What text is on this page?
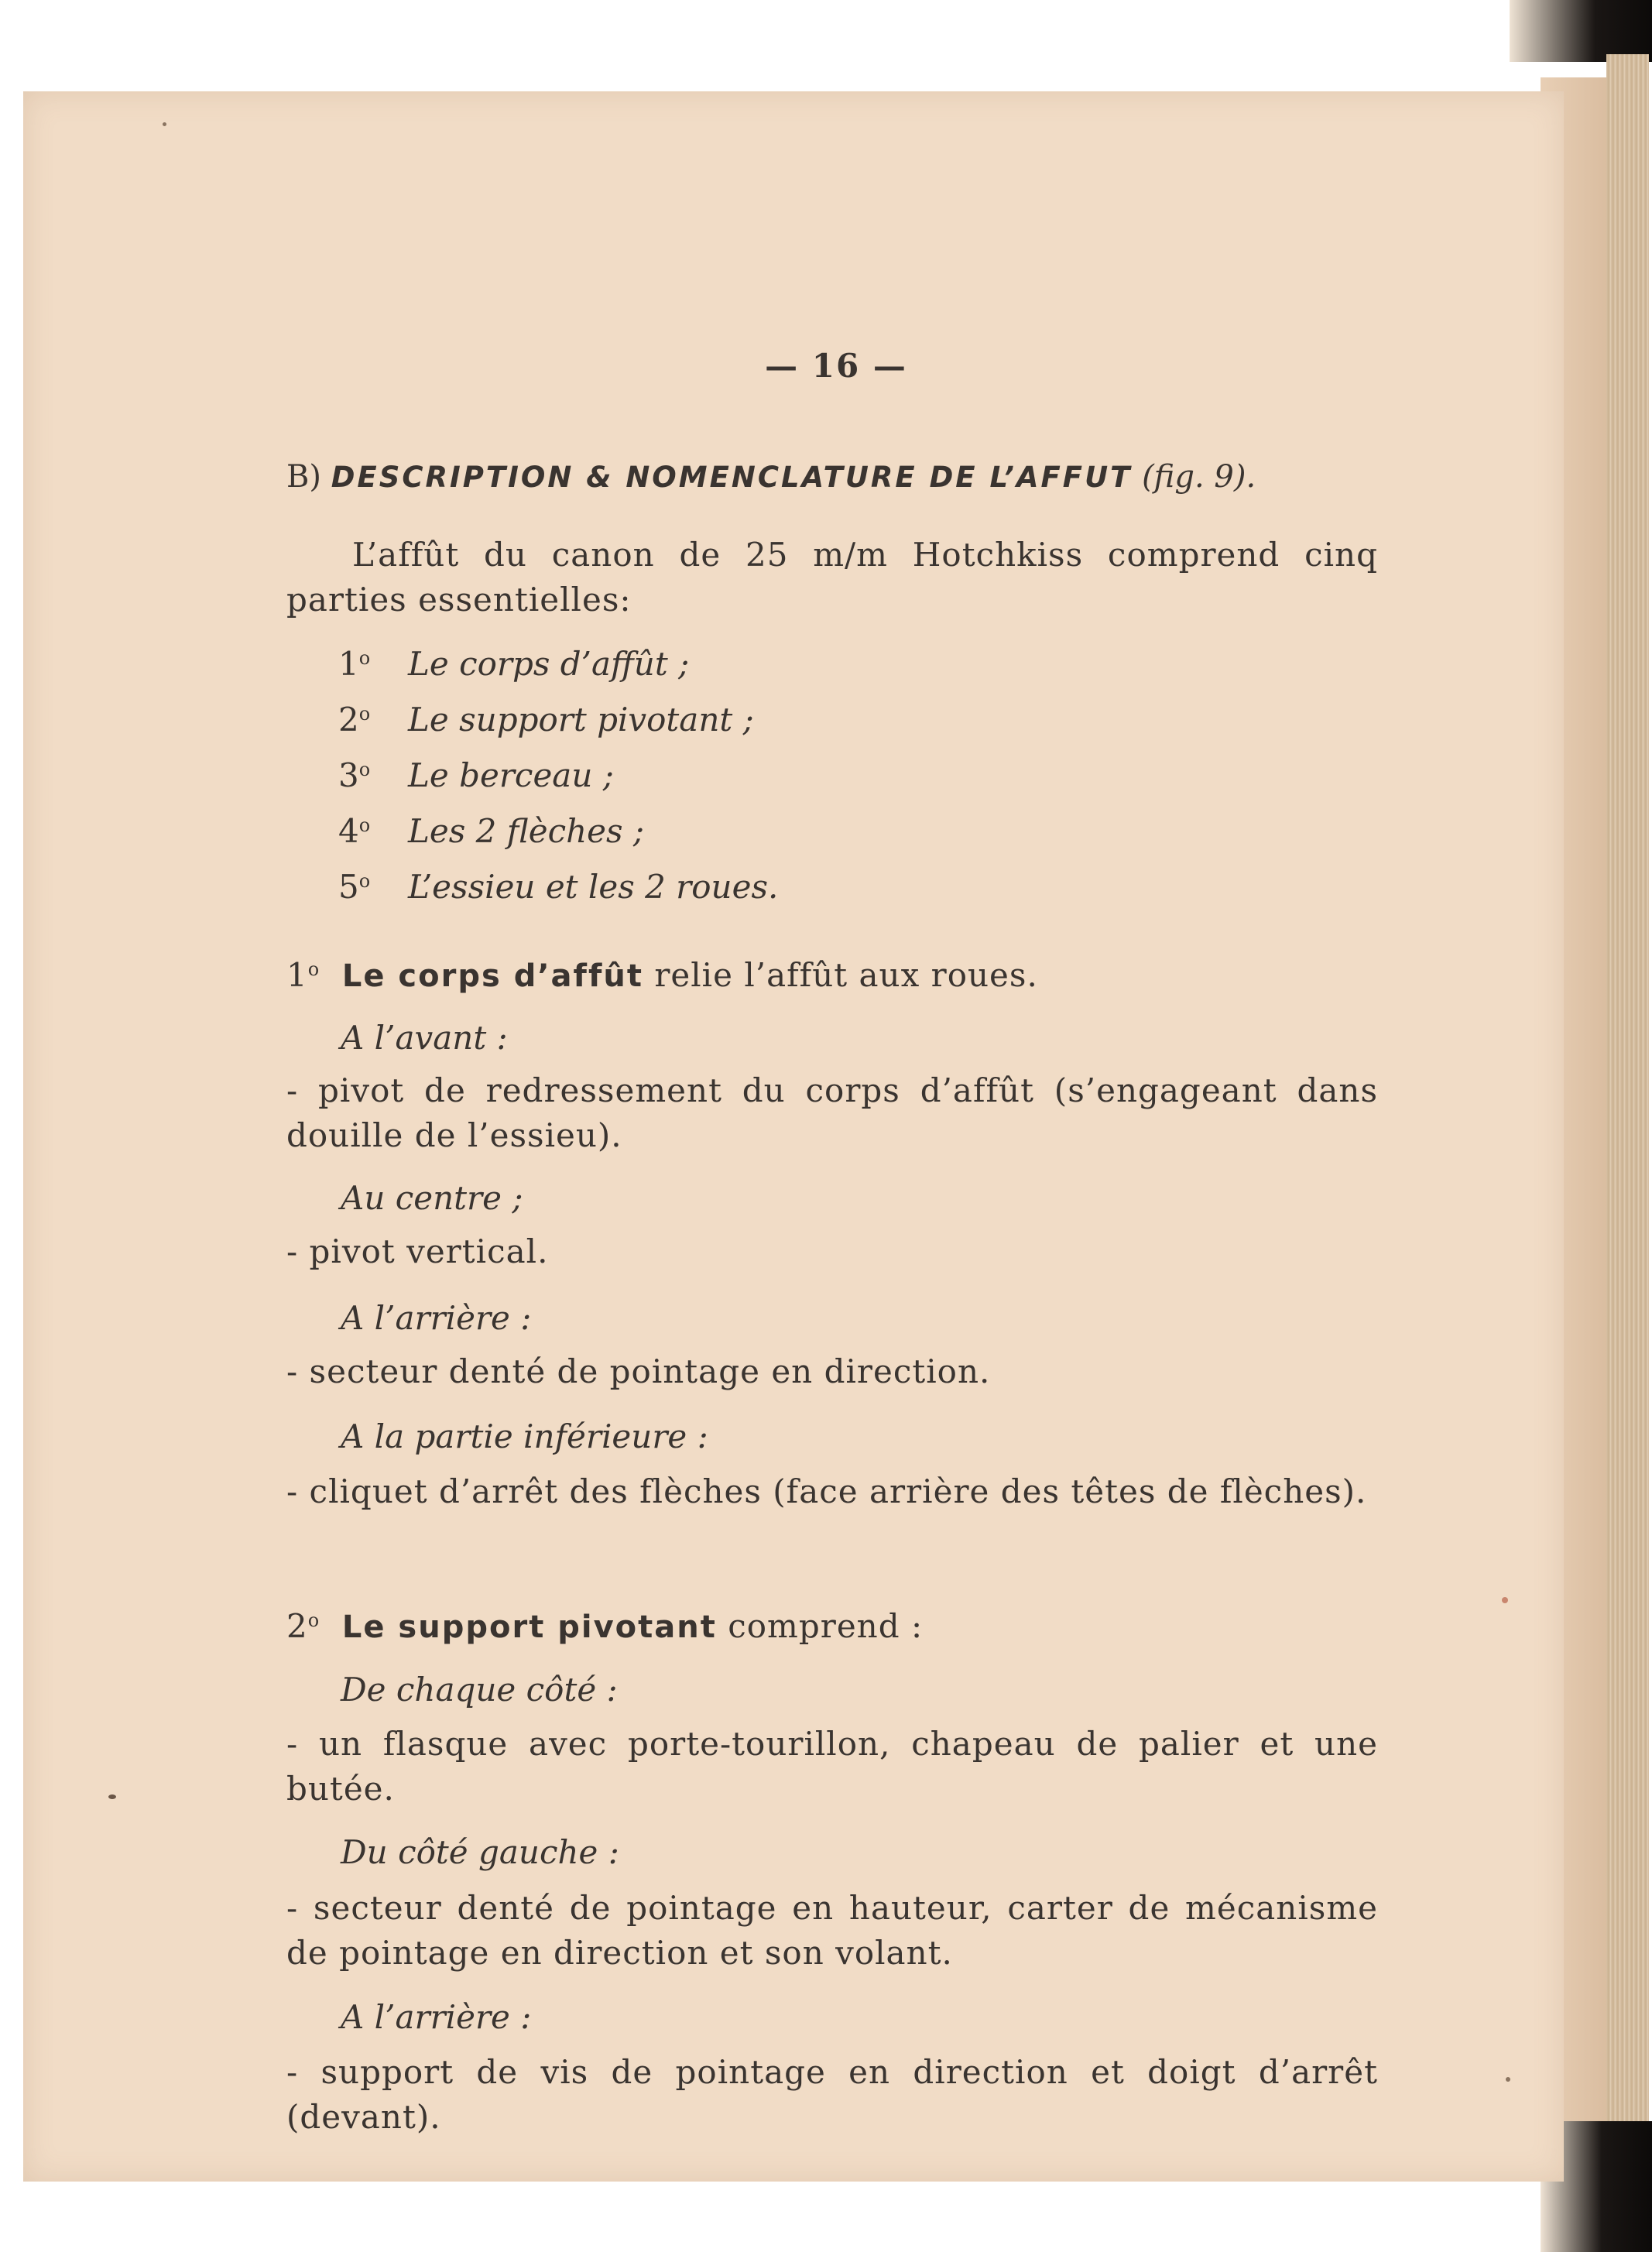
— 16 —
B) DESCRIPTION & NOMENCLATURE DE L’AFFUT (fig. 9).
L’affût du canon de 25 m/m Hotchkiss comprend cinq parties essentielles:
1$^o$ Le corps d’affût ;
2$^o$ Le support pivotant ;
3$^o$ Le berceau ;
4$^o$ Les 2 flèches ;
5$^o$ L’essieu et les 2 roues.
1$^o$ Le corps d’affût relie l’affût aux roues.
A l’avant :
- pivot de redressement du corps d’affût (s’engageant dans douille de l’essieu).
Au centre ;
- pivot vertical.
A l’arrière :
- secteur denté de pointage en direction.
A la partie inférieure :
- cliquet d’arrêt des flèches (face arrière des têtes de flèches).
2$^o$ Le support pivotant comprend :
De chaque côté :
- un flasque avec porte-tourillon, chapeau de palier et une butée.
Du côté gauche :
- secteur denté de pointage en hauteur, carter de mécanisme de pointage en direction et son volant.
A l’arrière :
- support de vis de pointage en direction et doigt d’arrêt (devant).
